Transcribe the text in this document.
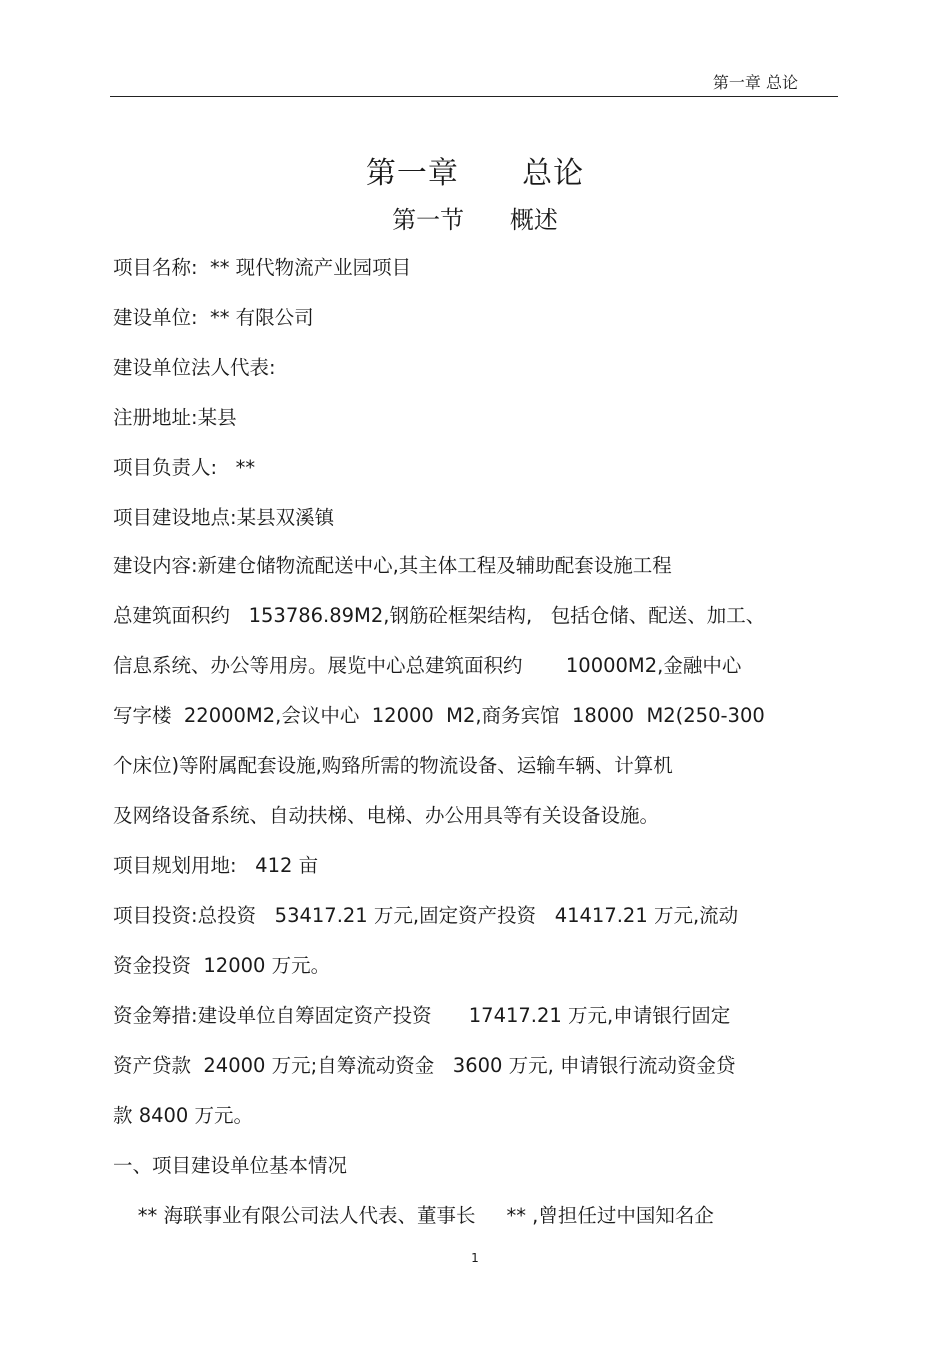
第一章 总论
第一章      总论
第一节      概述
项目名称:  ** 现代物流产业园项目
建设单位:  ** 有限公司
建设单位法人代表:
注册地址:某县
项目负责人:   **
项目建设地点:某县双溪镇
建设内容:新建仓储物流配送中心,其主体工程及辅助配套设施工程
总建筑面积约   153786.89M2,钢筋砼框架结构,   包括仓储、配送、加工、
信息系统、办公等用房。展览中心总建筑面积约       10000M2,金融中心
写字楼  22000M2,会议中心  12000  M2,商务宾馆  18000  M2(250-300
个床位)等附属配套设施,购臵所需的物流设备、运输车辆、计算机
及网络设备系统、自动扶梯、电梯、办公用具等有关设备设施。
项目规划用地:   412 亩
项目投资:总投资   53417.21 万元,固定资产投资   41417.21 万元,流动
资金投资  12000 万元。
资金筹措:建设单位自筹固定资产投资      17417.21 万元,申请银行固定
资产贷款  24000 万元;自筹流动资金   3600 万元, 申请银行流动资金贷
款 8400 万元。
一、项目建设单位基本情况
** 海联事业有限公司法人代表、董事长     ** ,曾担任过中国知名企
1
